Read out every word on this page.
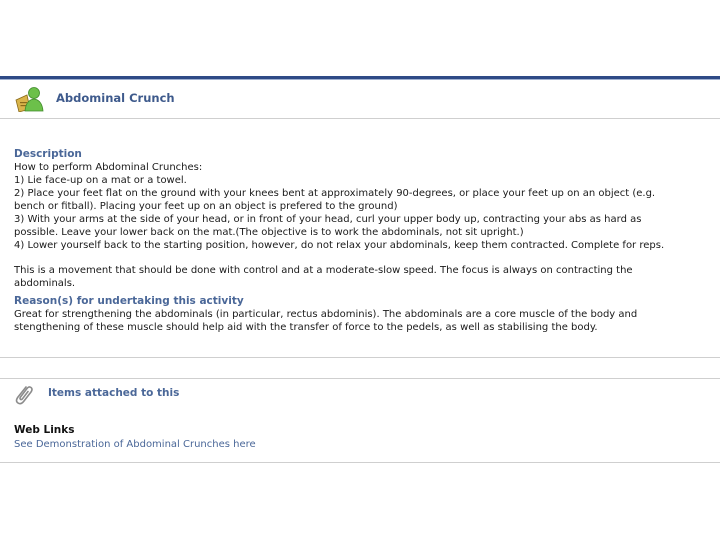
Abdominal Crunch
Description
How to perform Abdominal Crunches:
1) Lie face-up on a mat or a towel.
2) Place your feet flat on the ground with your knees bent at approximately 90-degrees, or place your feet up on an object (e.g.
bench or fitball). Placing your feet up on an object is prefered to the ground)
3) With your arms at the side of your head, or in front of your head, curl your upper body up, contracting your abs as hard as
possible. Leave your lower back on the mat.(The objective is to work the abdominals, not sit upright.)
4) Lower yourself back to the starting position, however, do not relax your abdominals, keep them contracted. Complete for reps.
This is a movement that should be done with control and at a moderate-slow speed. The focus is always on contracting the
abdominals.
Reason(s) for undertaking this activity
Great for strengthening the abdominals (in particular, rectus abdominis). The abdominals are a core muscle of the body and
stengthening of these muscle should help aid with the transfer of force to the pedels, as well as stabilising the body.
Items attached to this
Web Links
See Demonstration of Abdominal Crunches here
